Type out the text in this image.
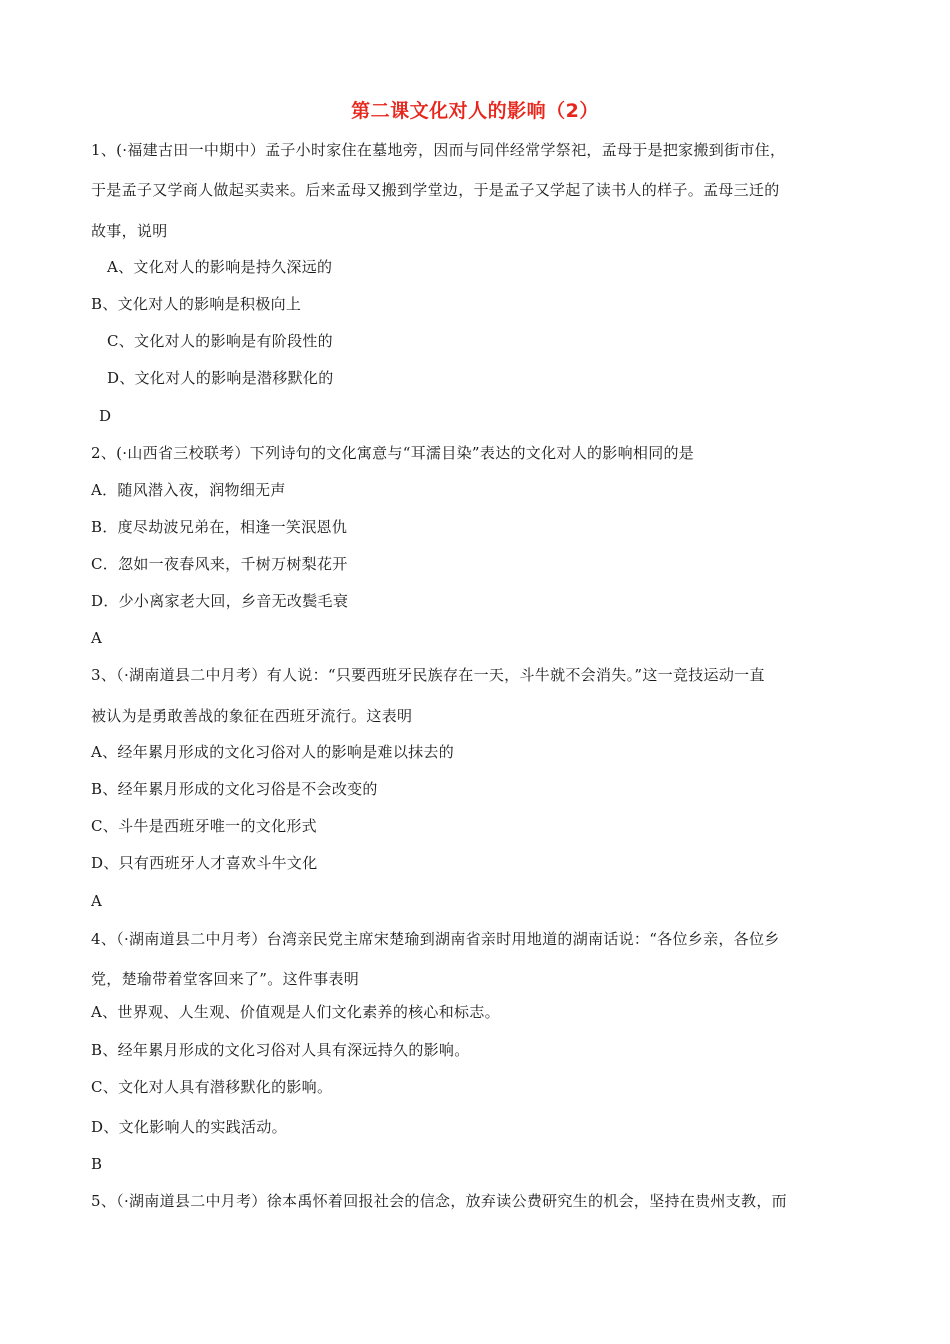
第二课文化对人的影响（2）
1、(·福建古田一中期中）孟子小时家住在墓地旁，因而与同伴经常学祭祀，孟母于是把家搬到街市住，
于是孟子又学商人做起买卖来。后来孟母又搬到学堂边，于是孟子又学起了读书人的样子。孟母三迁的
故事，说明
A、文化对人的影响是持久深远的
B、文化对人的影响是积极向上
C、文化对人的影响是有阶段性的
D、文化对人的影响是潜移默化的
D
2、(·山西省三校联考）下列诗句的文化寓意与“耳濡目染”表达的文化对人的影响相同的是
A．随风潜入夜，润物细无声
B．度尽劫波兄弟在，相逢一笑泯恩仇
C．忽如一夜春风来，千树万树梨花开
D．少小离家老大回，乡音无改鬓毛衰
A
3、（·湖南道县二中月考）有人说：“只要西班牙民族存在一天，斗牛就不会消失。”这一竞技运动一直
被认为是勇敢善战的象征在西班牙流行。这表明
A、经年累月形成的文化习俗对人的影响是难以抹去的
B、经年累月形成的文化习俗是不会改变的
C、斗牛是西班牙唯一的文化形式
D、只有西班牙人才喜欢斗牛文化
A
4、（·湖南道县二中月考）台湾亲民党主席宋楚瑜到湖南省亲时用地道的湖南话说：“各位乡亲，各位乡
党，楚瑜带着堂客回来了”。这件事表明
A、世界观、人生观、价值观是人们文化素养的核心和标志。
B、经年累月形成的文化习俗对人具有深远持久的影响。
C、文化对人具有潜移默化的影响。
D、文化影响人的实践活动。
B
5、（·湖南道县二中月考）徐本禹怀着回报社会的信念，放弃读公费研究生的机会，坚持在贵州支教，而
